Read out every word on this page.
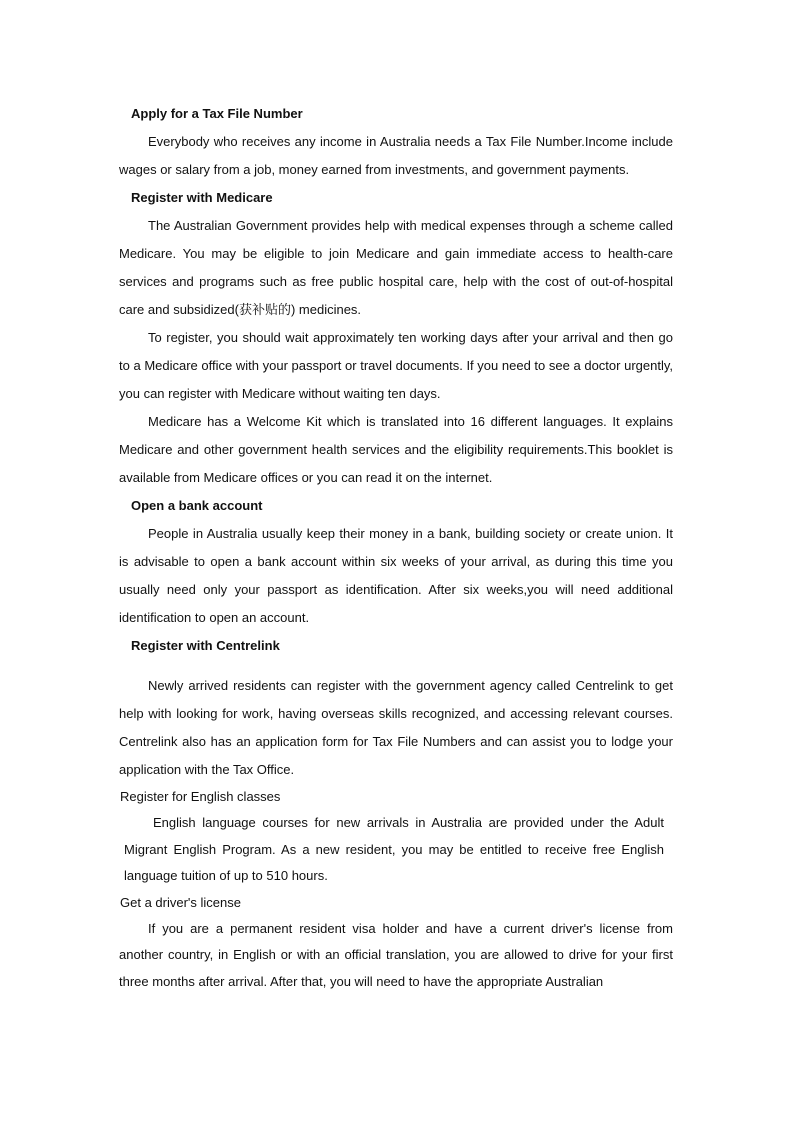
Apply for a Tax File Number

Everybody who receives any income in Australia needs a Tax File Number.Income include wages or salary from a job, money earned from investments, and government payments.

Register with Medicare

The Australian Government provides help with medical expenses through a scheme called Medicare. You may be eligible to join Medicare and gain immediate access to health-care services and programs such as free public hospital care, help with the cost of out-of-hospital care and subsidized(获补贴的) medicines.

To register, you should wait approximately ten working days after your arrival and then go to a Medicare office with your passport or travel documents. If you need to see a doctor urgently, you can register with Medicare without waiting ten days.

Medicare has a Welcome Kit which is translated into 16 different languages. It explains Medicare and other government health services and the eligibility requirements.This booklet is available from Medicare offices or you can read it on the internet.

Open a bank account

People in Australia usually keep their money in a bank, building society or create union. It is advisable to open a bank account within six weeks of your arrival, as during this time you usually need only your passport as identification. After six weeks,you will need additional identification to open an account.

Register with Centrelink

Newly arrived residents can register with the government agency called Centrelink to get help with looking for work, having overseas skills recognized, and accessing relevant courses. Centrelink also has an application form for Tax File Numbers and can assist you to lodge your application with the Tax Office.

Register for English classes

English language courses for new arrivals in Australia are provided under the Adult Migrant English Program. As a new resident, you may be entitled to receive free English language tuition of up to 510 hours.

Get a driver's license

If you are a permanent resident visa holder and have a current driver's license from another country, in English or with an official translation, you are allowed to drive for your first three months after arrival. After that, you will need to have the appropriate Australian
